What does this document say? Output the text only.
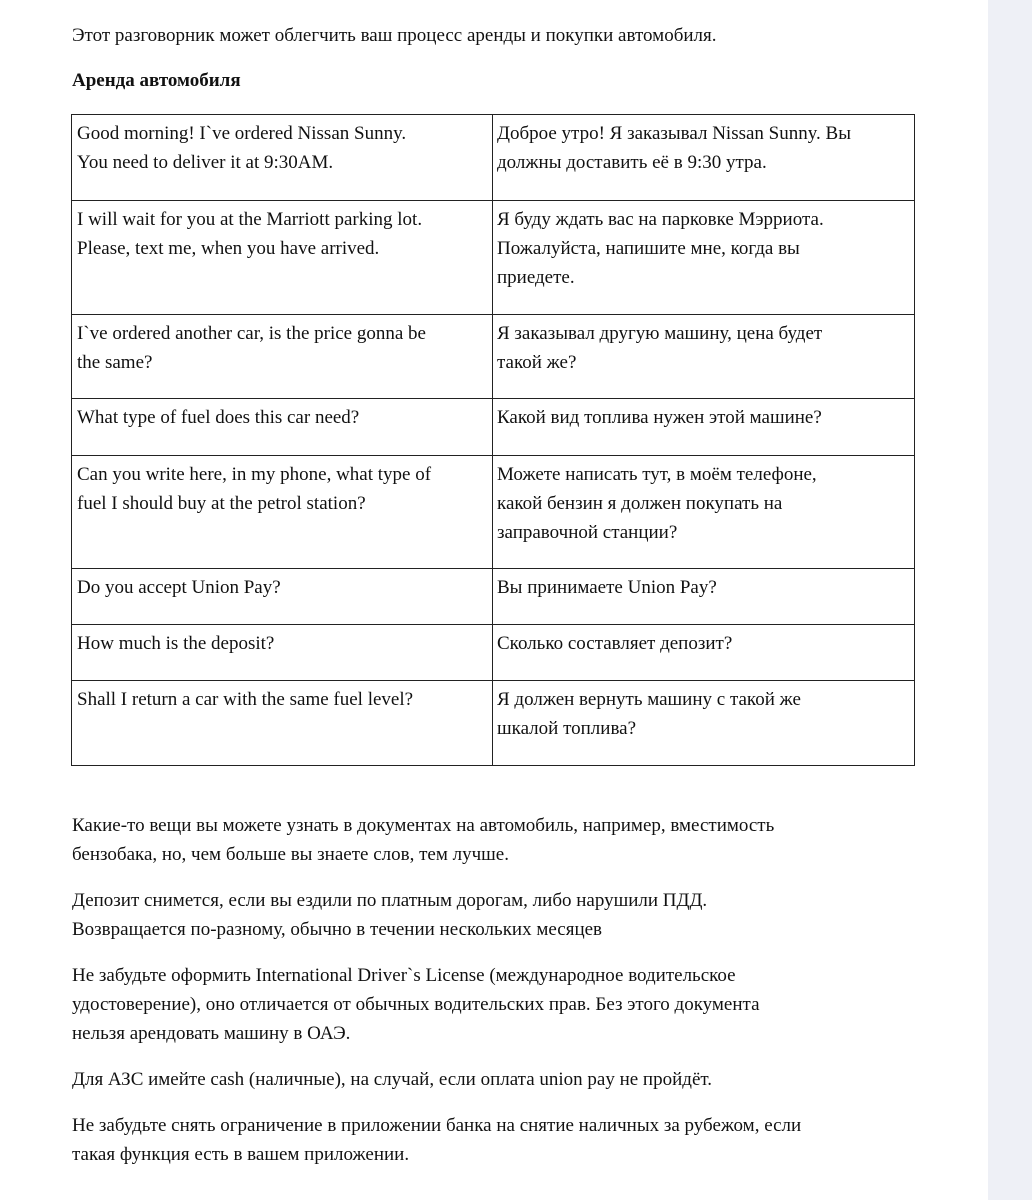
Этот разговорник может облегчить ваш процесс аренды и покупки автомобиля.

Аренда автомобиля

Good morning! I`ve ordered Nissan Sunny.
You need to deliver it at 9:30AM.	Доброе утро! Я заказывал Nissan Sunny. Вы
должны доставить её в 9:30 утра.
I will wait for you at the Marriott parking lot.
Please, text me, when you have arrived.	Я буду ждать вас на парковке Мэрриота.
Пожалуйста, напишите мне, когда вы
приедете.
I`ve ordered another car, is the price gonna be
the same?	Я заказывал другую машину, цена будет
такой же?
What type of fuel does this car need?	Какой вид топлива нужен этой машине?
Can you write here, in my phone, what type of
fuel I should buy at the petrol station?	Можете написать тут, в моём телефоне,
какой бензин я должен покупать на
заправочной станции?
Do you accept Union Pay?	Вы принимаете Union Pay?
How much is the deposit?	Сколько составляет депозит?
Shall I return a car with the same fuel level?	Я должен вернуть машину с такой же
шкалой топлива?

Какие-то вещи вы можете узнать в документах на автомобиль, например, вместимость
бензобака, но, чем больше вы знаете слов, тем лучше.

Депозит снимется, если вы ездили по платным дорогам, либо нарушили ПДД.
Возвращается по-разному, обычно в течении нескольких месяцев

Не забудьте оформить International Driver`s License (международное водительское
удостоверение), оно отличается от обычных водительских прав. Без этого документа
нельзя арендовать машину в ОАЭ.

Для АЗС имейте cash (наличные), на случай, если оплата union pay не пройдёт.

Не забудьте снять ограничение в приложении банка на снятие наличных за рубежом, если
такая функция есть в вашем приложении.
